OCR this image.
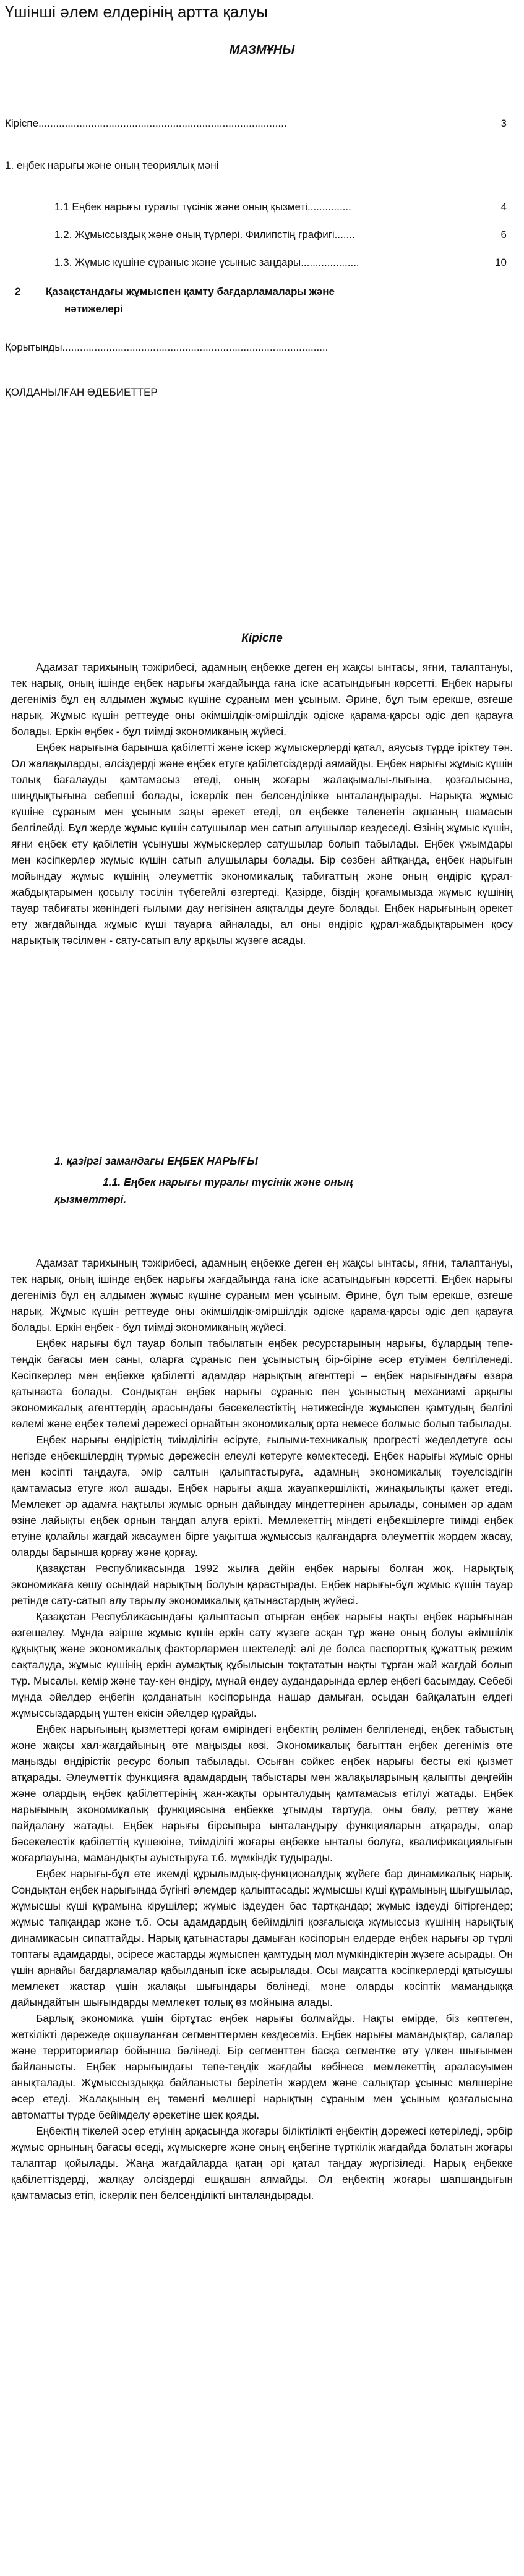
Үшінші әлем елдерінің артта қалуы
МАЗМҰНЫ
Кіріспе.....................................................................................	3
1. еңбек нарығы және оның теориялық мәні
1.1 Еңбек нарығы туралы түсінік және оның қызметі...............	4
1.2. Жұмыссыздық және оның түрлері. Филипстің графигі.......	6
1.3. Жұмыс күшіне сұраныс және ұсыныс заңдары....................	10
2 Қазақстандағы жұмыспен қамту бағдарламалары және
нәтижелері
Қорытынды...........................................................................................
ҚОЛДАНЫЛҒАН ӘДЕБИЕТТЕР
Кіріспе

Адамзат тарихының тәжірибесі, адамның еңбекке деген ең жақсы ынтасы, яғни, талаптануы, тек нарық, оның ішінде еңбек нарығы жағдайында ғана іске асатындығын көрсетті. Еңбек нарығы дегеніміз бұл ең алдымен жұмыс күшіне сұраным мен ұсыным. Әрине, бұл тым ерекше, өзгеше нарық. Жұмыс күшін реттеуде оны әкімшілдік-әміршілдік әдіске қарама-қарсы әдіс деп қарауға болады. Еркін еңбек - бұл тиімді экономиканың жүйесі.

Еңбек нарығына барынша қабілетті және іскер жұмыскерлерді қатал, аяусыз түрде іріктеу тән. Ол жалақыларды, әлсіздерді және еңбек етуге қабілетсіздерді аямайды. Еңбек нарығы жұмыс күшін толық бағалауды қамтамасыз етеді, оның жоғары жалақымалы-лығына, қозғалысына, шиңдықтығына себепші болады, іскерлік пен белсенділікке ынталандырады. Нарықта жұмыс күшіне сұраным мен ұсыным заңы әрекет етеді, ол еңбекке төленетін ақшаның шамасын белгілейді. Бұл жерде жұмыс күшін сатушылар мен сатып алушылар кездеседі. Өзінің жұмыс күшін, яғни еңбек ету қабілетін ұсынушы жұмыскерлер сатушылар болып табылады. Еңбек ұжымдары мен кәсіпкерлер жұмыс күшін сатып алушылары болады. Бір сөзбен айтқанда, еңбек нарығын мойындау жұмыс күшінің әлеуметтік экономикалық табиғаттың және оның өндіріс құрал-жабдықтарымен қосылу тәсілін түбегейлі өзгертеді. Қазірде, біздің қоғамымызда жұмыс күшінің тауар табиғаты жөніндегі ғылыми дау негізінен аяқталды деуге болады. Еңбек нарығының әрекет ету жағдайында жұмыс күші тауарға айналады, ал оны өндіріс құрал-жабдықтарымен қосу нарықтық тәсілмен - сату-сатып алу арқылы жүзеге асады.

1. қазіргі замандағы ЕҢБЕК НАРЫҒЫ
1.1. Еңбек нарығы туралы түсінік және оның
қызметтері.

Адамзат тарихының тәжірибесі, адамның еңбекке деген ең жақсы ынтасы, яғни, талаптануы, тек нарық, оның ішінде еңбек нарығы жағдайында ғана іске асатындығын көрсетті. Еңбек нарығы дегеніміз бұл ең алдымен жұмыс күшіне сұраным мен ұсыным. Әрине, бұл тым ерекше, өзгеше нарық. Жұмыс күшін реттеуде оны әкімшілдік-әміршілдік әдіске қарама-қарсы әдіс деп қарауға болады. Еркін еңбек - бұл тиімді экономиканың жүйесі.

Еңбек нарығы бұл тауар болып табылатын еңбек ресурстарының нарығы, бұлардың тепе-теңдік бағасы мен саны, оларға сұраныс пен ұсыныстың бір-біріне әсер етуімен белгіленеді. Кәсіпкерлер мен еңбекке қабілетті адамдар нарықтың агенттері – еңбек нарығындағы өзара қатынаста болады. Сондықтан еңбек нарығы сұраныс пен ұсыныстың механизмі арқылы экономикалық агенттердің арасындағы бәсекелестіктің нәтижесінде жұмыспен қамтудың белгілі көлемі және еңбек төлемі дәрежесі орнайтын экономикалық орта немесе болмыс болып табылады.

Еңбек нарығы өндірістің тиімділігін өсіруге, ғылыми-техникалық прогресті жеделдетуге осы негізде еңбекшілердің тұрмыс дәрежесін елеулі көтеруге көмектеседі. Еңбек нарығы жұмыс орны мен кәсіпті таңдауға, әмір салтын қалыптастыруға, адамның экономикалық тәуелсіздігін қамтамасыз етуге жол ашады. Еңбек нарығы ақша жауапкершілікті, жинақылықты қажет етеді. Мемлекет әр адамға нақтылы жұмыс орнын дайындау міндеттерінен арылады, сонымен әр адам өзіне лайықты еңбек орнын таңдап алуға ерікті. Мемлекеттің міндеті еңбекшілерге тиімді еңбек етуіне қолайлы жағдай жасаумен бірге уақытша жұмыссыз қалғандарға әлеуметтік жәрдем жасау, оларды барынша қорғау және қорғау.

Қазақстан Республикасында 1992 жылға дейін еңбек нарығы болған жоқ. Нарықтық экономикаға көшу осындай нарықтың болуын қарастырады. Еңбек нарығы-бұл жұмыс күшін тауар ретінде сату-сатып алу тарылу экономикалық қатынастардың жүйесі.

Қазақстан Республикасындағы қалыптасып отырған еңбек нарығы нақты еңбек нарығынан өзгешелеу. Мұнда әзірше жұмыс күшін еркін сату жүзеге асқан тұр және оның болуы әкімшілік құқықтық және экономикалық факторлармен шектеледі: әлі де болса паспорттық құжаттық режим сақталуда, жұмыс күшінің еркін аумақтық құбылысын тоқтататын нақты тұрған жай жағдай болып тұр. Мысалы, кемір және тау-кен өндіру, мұнай өндеу аудандарында ерлер еңбегі басымдау. Себебі мұнда әйелдер еңбегін қолданатын кәсіпорында нашар дамыған, осыдан байқалатын елдегі жұмыссыздардың үштен екісін әйелдер құрайды.

Еңбек нарығының қызметтері қоғам өміріндегі еңбектің рөлімен белгіленеді, еңбек табыстың және жақсы хал-жағдайының өте маңызды көзі. Экономикалық бағыттан еңбек дегеніміз өте маңызды өндірістік ресурс болып табылады. Осыған сәйкес еңбек нарығы бесты екі қызмет атқарады. Әлеуметтік функцияға адамдардың табыстары мен жалақыларының қалыпты деңгейін және олардың еңбек қабілеттерінің жан-жақты орынталудың қамтамасыз етілуі жатады. Еңбек нарығының экономикалық функциясына еңбекке ұтымды тартуда, оны бөлу, реттеу және пайдалану жатады. Еңбек нарығы бірсыпыра ынталандыру функцияларын атқарады, олар бәсекелестік қабілеттің күшеюіне, тиімділігі жоғары еңбекке ынталы болуға, квалификациялығын жоғарлауына, мамандықты ауыстыруға т.б. мүмкіндік тудырады.

Еңбек нарығы-бұл өте икемді құрылымдық-функционалдық жүйеге бар динамикалық нарық. Сондықтан еңбек нарығында бүгінгі әлемдер қалыптасады: жұмысшы күші құрамының шығушылар, жұмысшы күші құрамына кірушілер; жұмыс іздеуден бас тартқандар; жұмыс іздеуді бітіргендер; жұмыс тапқандар және т.б. Осы адамдардың бейімділігі қозғалысқа жұмыссыз күшінің нарықтық динамикасын сипаттайды. Нарық қатынастары дамыған кәсіпорын елдерде еңбек нарығы әр түрлі топтағы адамдарды, әсіресе жастарды жұмыспен қамтудың мол мүмкіндіктерін жүзеге асырады. Он үшін арнайы бағдарламалар қабылданып іске асырылады. Осы мақсатта кәсіпкерлерді қатысушы мемлекет жастар үшін жалақы шығындары бөлінеді, мәне оларды кәсіптік мамандыққа дайындайтын шығындарды мемлекет толық өз мойнына алады.

Барлық экономика үшін біртұтас еңбек нарығы болмайды. Нақты өмірде, біз көптеген, жеткілікті дәрежеде оқшауланған сегменттермен кездесеміз. Еңбек нарығы мамандықтар, салалар және территориялар бойынша бөлінеді. Бір сегменттен басқа сегментке өту үлкен шығынмен байланысты. Еңбек нарығындағы тепе-теңдік жағдайы көбінесе мемлекеттің араласуымен анықталады. Жұмыссыздыққа байланысты берілетін жәрдем және салықтар ұсыныс мөлшеріне әсер етеді. Жалақының ең төменгі мөлшері нарықтың сұраным мен ұсыным қозғалысына автоматты түрде бейімделу әрекетіне шек қояды.

Еңбектің тікелей әсер етуінің арқасында жоғары біліктілікті еңбектің дәрежесі көтеріледі, әрбір жұмыс орнының бағасы өседі, жұмыскерге және оның еңбегіне түрткілік жағдайда болатын жоғары талаптар қойылады. Жаңа жағдайларда қатаң әрі қатал таңдау жүргізіледі. Нарық еңбекке қабілеттіздерді, жалқау әлсіздерді ешқашан аямайды. Ол еңбектің жоғары шапшандығын қамтамасыз етіп, іскерлік пен белсенділікті ынталандырады.
